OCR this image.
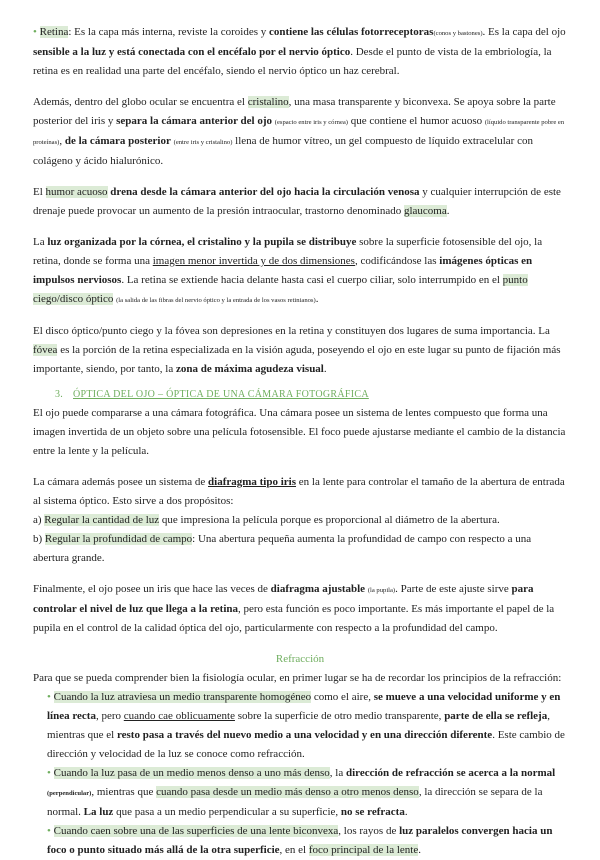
• Retina: Es la capa más interna, reviste la coroides y contiene las células fotorreceptoras(conos y bastones). Es la capa del ojo sensible a la luz y está conectada con el encéfalo por el nervio óptico. Desde el punto de vista de la embriología, la retina es en realidad una parte del encéfalo, siendo el nervio óptico un haz cerebral.

Además, dentro del globo ocular se encuentra el cristalino, una masa transparente y biconvexa. Se apoya sobre la parte posterior del iris y separa la cámara anterior del ojo (espacio entre iris y córnea) que contiene el humor acuoso (líquido transparente pobre en proteínas), de la cámara posterior (entre iris y cristalino) llena de humor vítreo, un gel compuesto de líquido extracelular con colágeno y ácido hialurónico.

El humor acuoso drena desde la cámara anterior del ojo hacia la circulación venosa y cualquier interrupción de este drenaje puede provocar un aumento de la presión intraocular, trastorno denominado glaucoma.

La luz organizada por la córnea, el cristalino y la pupila se distribuye sobre la superficie fotosensible del ojo, la retina, donde se forma una imagen menor invertida y de dos dimensiones, codificándose las imágenes ópticas en impulsos nerviosos. La retina se extiende hacia delante hasta casi el cuerpo ciliar, solo interrumpido en el punto ciego/disco óptico (la salida de las fibras del nervio óptico y la entrada de los vasos retinianos).

El disco óptico/punto ciego y la fóvea son depresiones en la retina y constituyen dos lugares de suma importancia. La fóvea es la porción de la retina especializada en la visión aguda, poseyendo el ojo en este lugar su punto de fijación más importante, siendo, por tanto, la zona de máxima agudeza visual.

3. ÓPTICA DEL OJO – ÓPTICA DE UNA CÁMARA FOTOGRÁFICA

El ojo puede compararse a una cámara fotográfica. Una cámara posee un sistema de lentes compuesto que forma una imagen invertida de un objeto sobre una película fotosensible. El foco puede ajustarse mediante el cambio de la distancia entre la lente y la película.

La cámara además posee un sistema de diafragma tipo iris en la lente para controlar el tamaño de la abertura de entrada al sistema óptico. Esto sirve a dos propósitos:

a) Regular la cantidad de luz que impresiona la película porque es proporcional al diámetro de la abertura.

b) Regular la profundidad de campo: Una abertura pequeña aumenta la profundidad de campo con respecto a una abertura grande.

Finalmente, el ojo posee un iris que hace las veces de diafragma ajustable (la pupila). Parte de este ajuste sirve para controlar el nivel de luz que llega a la retina, pero esta función es poco importante. Es más importante el papel de la pupila en el control de la calidad óptica del ojo, particularmente con respecto a la profundidad del campo.

Refracción

Para que se pueda comprender bien la fisiología ocular, en primer lugar se ha de recordar los principios de la refracción:

• Cuando la luz atraviesa un medio transparente homogéneo como el aire, se mueve a una velocidad uniforme y en línea recta, pero cuando cae oblicuamente sobre la superficie de otro medio transparente, parte de ella se refleja, mientras que el resto pasa a través del nuevo medio a una velocidad y en una dirección diferente. Este cambio de dirección y velocidad de la luz se conoce como refracción.

• Cuando la luz pasa de un medio menos denso a uno más denso, la dirección de refracción se acerca a la normal (perpendicular), mientras que cuando pasa desde un medio más denso a otro menos denso, la dirección se separa de la normal. La luz que pasa a un medio perpendicular a su superficie, no se refracta.

• Cuando caen sobre una de las superficies de una lente biconvexa, los rayos de luz paralelos convergen hacia un foco o punto situado más allá de la otra superficie, en el foco principal de la lente.
